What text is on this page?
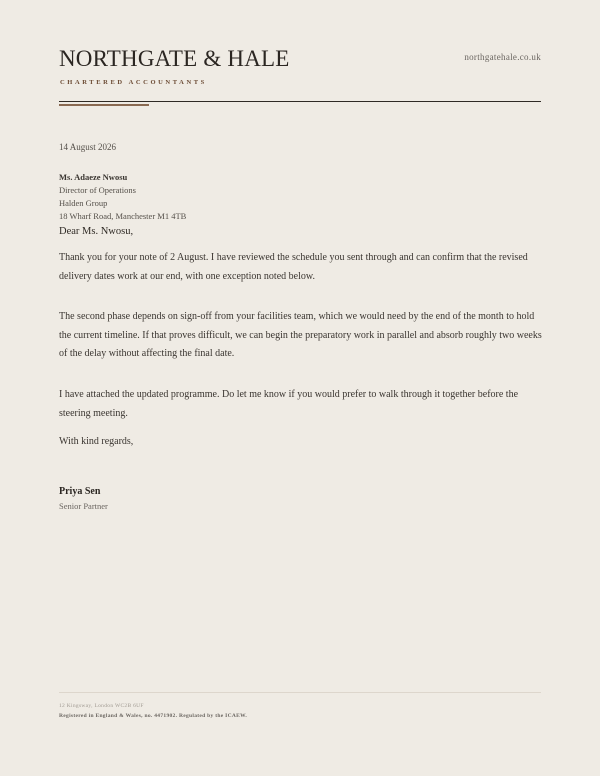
NORTHGATE & HALE
CHARTERED ACCOUNTANTS
northgatehale.co.uk
14 August 2026
Ms. Adaeze Nwosu
Director of Operations
Halden Group
18 Wharf Road, Manchester M1 4TB
Dear Ms. Nwosu,
Thank you for your note of 2 August. I have reviewed the schedule you sent through and can confirm that the revised delivery dates work at our end, with one exception noted below.
The second phase depends on sign-off from your facilities team, which we would need by the end of the month to hold the current timeline. If that proves difficult, we can begin the preparatory work in parallel and absorb roughly two weeks of the delay without affecting the final date.
I have attached the updated programme. Do let me know if you would prefer to walk through it together before the steering meeting.
With kind regards,
Priya Sen
Senior Partner
12 Kingsway, London WC2B 6UF
Registered in England & Wales, no. 4471902. Regulated by the ICAEW.
